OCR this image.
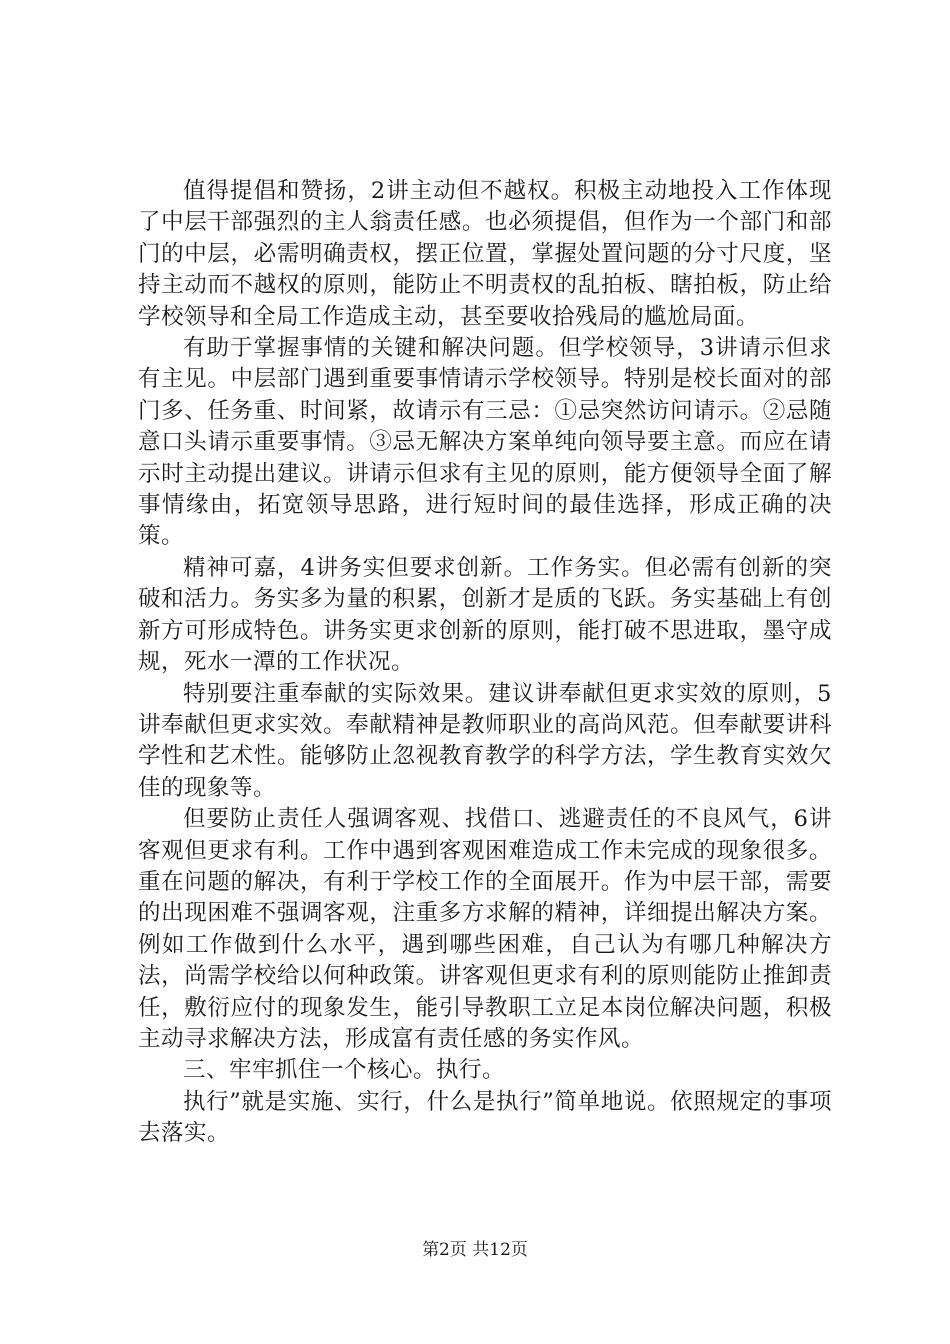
值得提倡和赞扬，2讲主动但不越权。积极主动地投入工作体现了中层干部强烈的主人翁责任感。也必须提倡，但作为一个部门和部门的中层，必需明确责权，摆正位置，掌握处置问题的分寸尺度，坚持主动而不越权的原则，能防止不明责权的乱拍板、瞎拍板，防止给学校领导和全局工作造成主动，甚至要收拾残局的尴尬局面。

有助于掌握事情的关键和解决问题。但学校领导，3讲请示但求有主见。中层部门遇到重要事情请示学校领导。特别是校长面对的部门多、任务重、时间紧，故请示有三忌：①忌突然访问请示。②忌随意口头请示重要事情。③忌无解决方案单纯向领导要主意。而应在请示时主动提出建议。讲请示但求有主见的原则，能方便领导全面了解事情缘由，拓宽领导思路，进行短时间的最佳选择，形成正确的决策。

精神可嘉，4讲务实但要求创新。工作务实。但必需有创新的突破和活力。务实多为量的积累，创新才是质的飞跃。务实基础上有创新方可形成特色。讲务实更求创新的原则，能打破不思进取，墨守成规，死水一潭的工作状况。

特别要注重奉献的实际效果。建议讲奉献但更求实效的原则，5讲奉献但更求实效。奉献精神是教师职业的高尚风范。但奉献要讲科学性和艺术性。能够防止忽视教育教学的科学方法，学生教育实效欠佳的现象等。

但要防止责任人强调客观、找借口、逃避责任的不良风气，6讲客观但更求有利。工作中遇到客观困难造成工作未完成的现象很多。重在问题的解决，有利于学校工作的全面展开。作为中层干部，需要的出现困难不强调客观，注重多方求解的精神，详细提出解决方案。例如工作做到什么水平，遇到哪些困难，自己认为有哪几种解决方法，尚需学校给以何种政策。讲客观但更求有利的原则能防止推卸责任，敷衍应付的现象发生，能引导教职工立足本岗位解决问题，积极主动寻求解决方法，形成富有责任感的务实作风。

三、牢牢抓住一个核心。执行。

执行”就是实施、实行，什么是执行”简单地说。依照规定的事项去落实。

第2页 共12页
